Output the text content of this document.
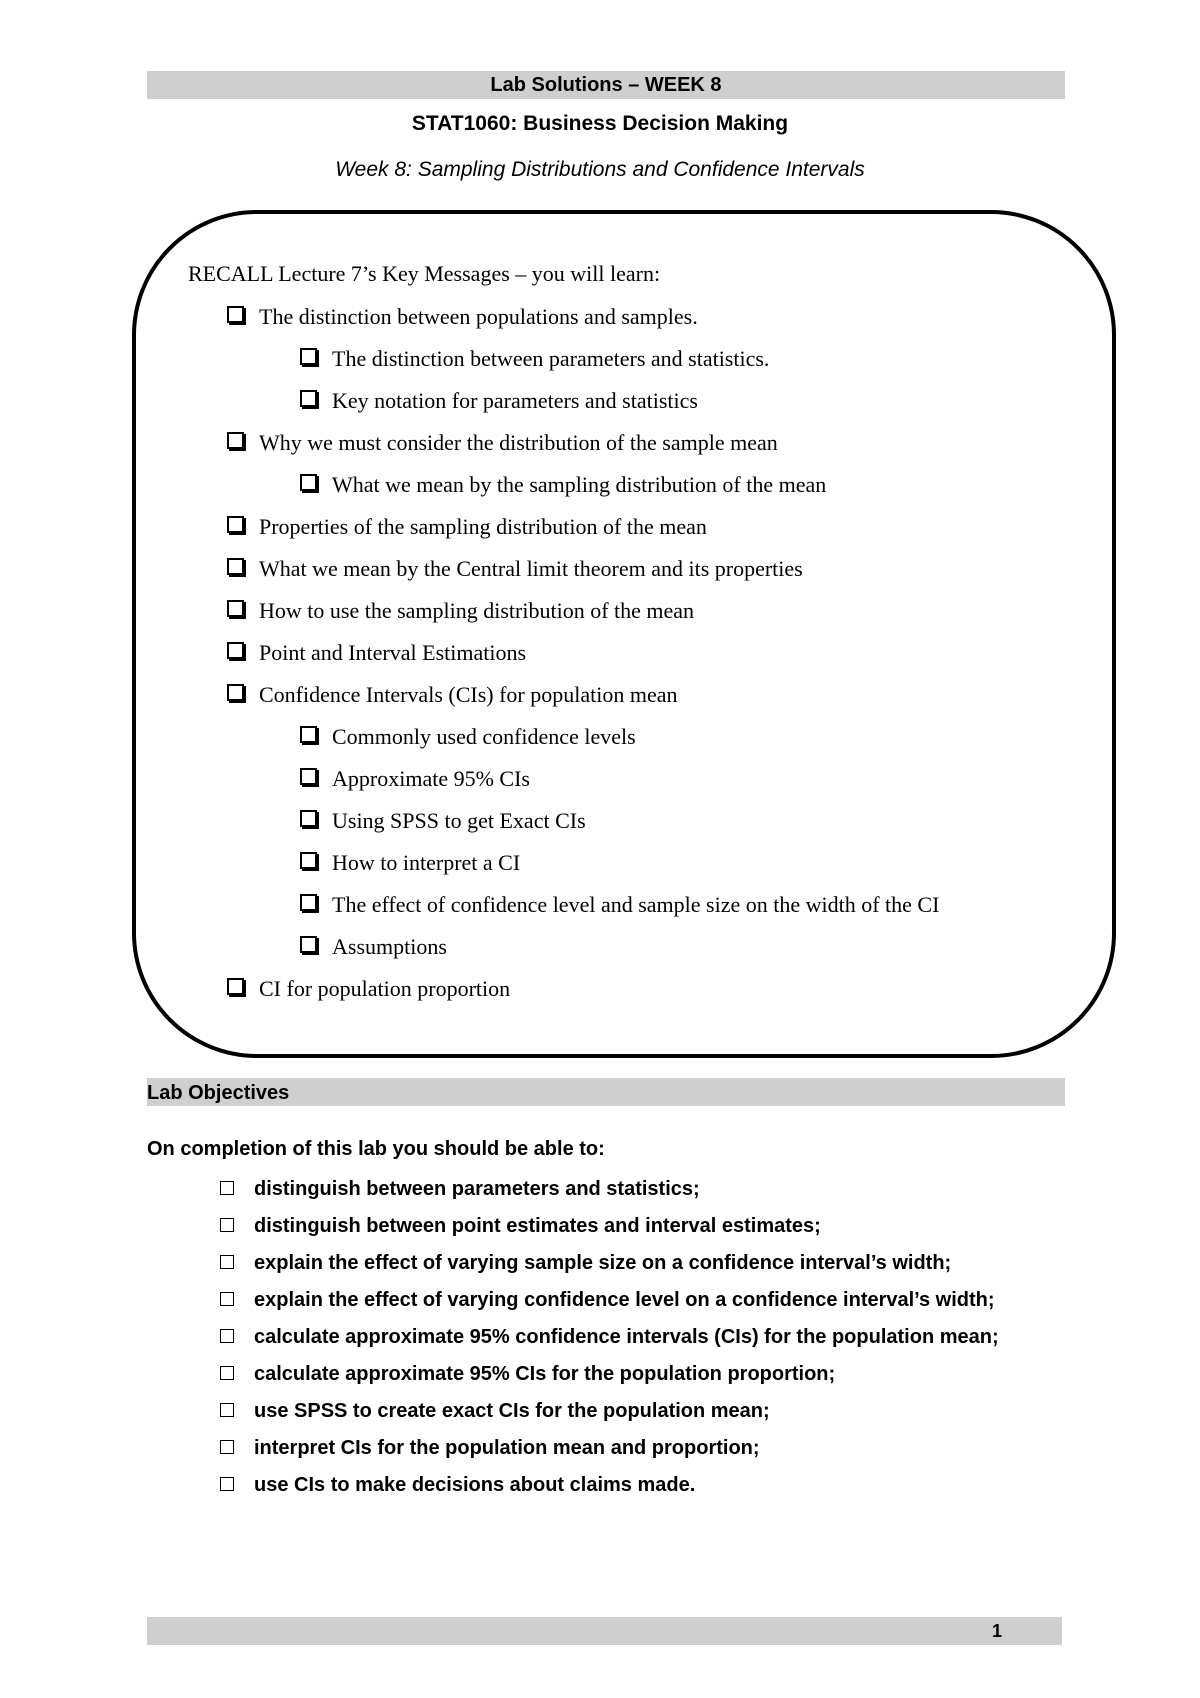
Lab Solutions – WEEK 8
STAT1060: Business Decision Making
Week 8: Sampling Distributions and Confidence Intervals
RECALL Lecture 7’s Key Messages – you will learn:
The distinction between populations and samples.
The distinction between parameters and statistics.
Key notation for parameters and statistics
Why we must consider the distribution of the sample mean
What we mean by the sampling distribution of the mean
Properties of the sampling distribution of the mean
What we mean by the Central limit theorem and its properties
How to use the sampling distribution of the mean
Point and Interval Estimations
Confidence Intervals (CIs) for population mean
Commonly used confidence levels
Approximate 95% CIs
Using SPSS to get Exact CIs
How to interpret a CI
The effect of confidence level and sample size on the width of the CI
Assumptions
CI for population proportion
Lab Objectives
On completion of this lab you should be able to:
distinguish between parameters and statistics;
distinguish between point estimates and interval estimates;
explain the effect of varying sample size on a confidence interval’s width;
explain the effect of varying confidence level on a confidence interval’s width;
calculate approximate 95% confidence intervals (CIs) for the population mean;
calculate approximate 95% CIs for the population proportion;
use SPSS to create exact CIs for the population mean;
interpret CIs for the population mean and proportion;
use CIs to make decisions about claims made.
1
